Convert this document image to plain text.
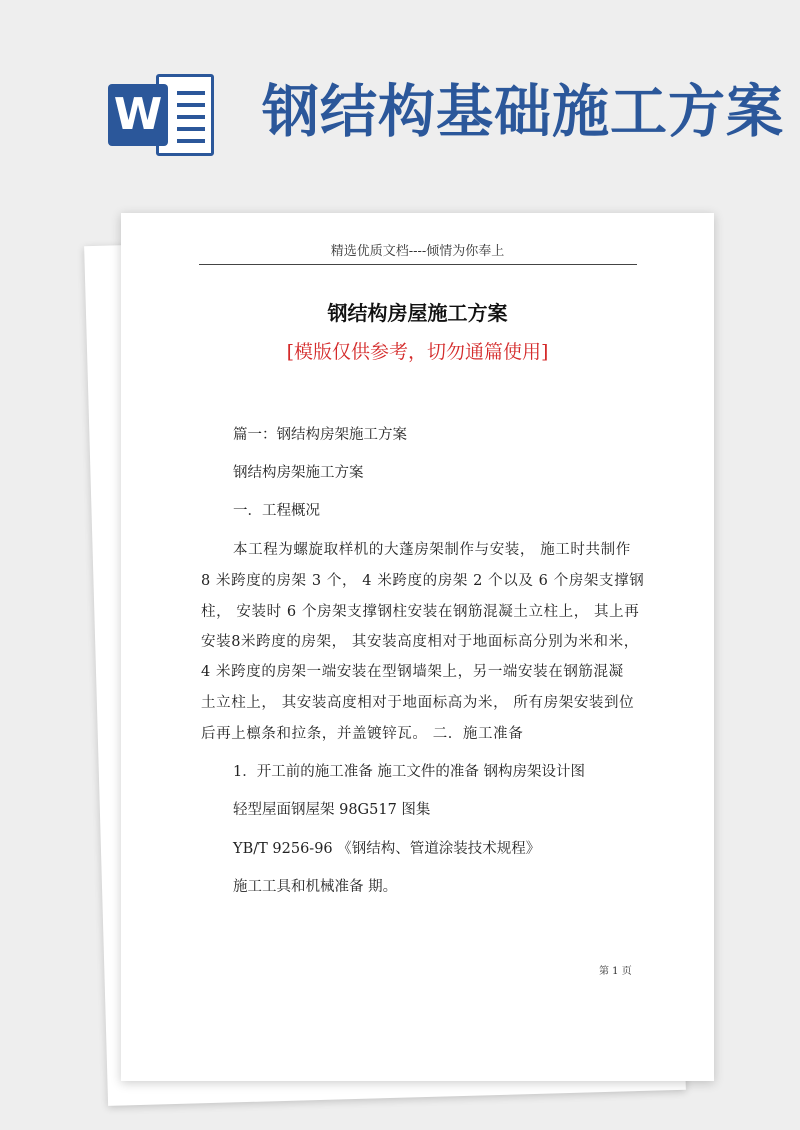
W 钢结构基础施工方案
精选优质文档----倾情为你奉上
钢结构房屋施工方案
[模版仅供参考，切勿通篇使用]
篇一：钢结构房架施工方案
钢结构房架施工方案
一．工程概况
本工程为螺旋取样机的大蓬房架制作与安装， 施工时共制作
8 米跨度的房架 3 个， 4 米跨度的房架 2 个以及 6 个房架支撑钢
柱， 安装时 6 个房架支撑钢柱安装在钢筋混凝土立柱上， 其上再
安装8米跨度的房架， 其安装高度相对于地面标高分别为米和米，
4 米跨度的房架一端安装在型钢墙架上，另一端安装在钢筋混凝
土立柱上， 其安装高度相对于地面标高为米， 所有房架安装到位
后再上檩条和拉条，并盖镀锌瓦。 二．施工准备
1．开工前的施工准备 施工文件的准备 钢构房架设计图
轻型屋面钢屋架 98G517 图集
YB/T 9256-96 《钢结构、管道涂装技术规程》
施工工具和机械准备 期。
第 1 页
